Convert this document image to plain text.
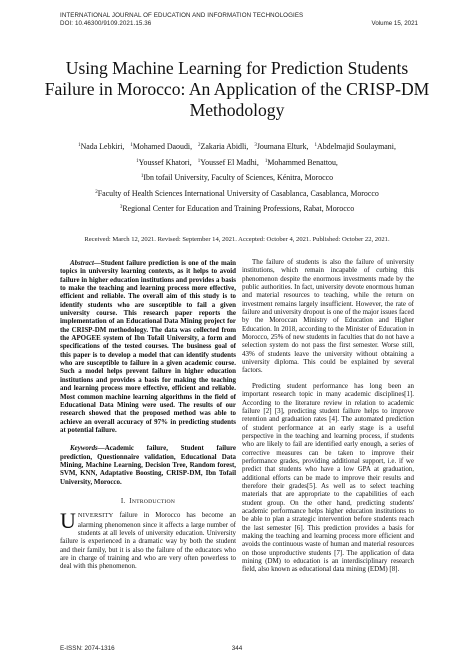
INTERNATIONAL JOURNAL OF EDUCATION AND INFORMATION TECHNOLOGIES
DOI: 10.46300/9109.2021.15.36	Volume 15, 2021
Using Machine Learning for Prediction Students Failure in Morocco: An Application of the CRISP-DM Methodology
$^1$Nada Lebkiri, $^1$Mohamed Daoudi, $^2$Zakaria Abidli, $^3$Joumana Elturk, $^1$Abdelmajid Soulaymani,
$^1$Youssef Khatori, $^1$Youssef El Madhi, $^1$Mohammed Benattou,
$^1$Ibn tofail University, Faculty of Sciences, Kénitra, Morocco
$^2$Faculty of Health Sciences International University of Casablanca, Casablanca, Morocco
$^3$Regional Center for Education and Training Professions, Rabat, Morocco
Received: March 12, 2021. Revised: September 14, 2021. Accepted: October 4, 2021. Published: October 22, 2021.

Abstract—Student failure prediction is one of the main topics in university learning contexts, as it helps to avoid failure in higher education institutions and provides a basis to make the teaching and learning process more effective, efficient and reliable. The overall aim of this study is to identify students who are susceptible to fail a given university course. This research paper reports the implementation of an Educational Data Mining project for the CRISP-DM methodology. The data was collected from the APOGEE system of Ibn Tofail University, a form and specifications of the tested courses. The business goal of this paper is to develop a model that can identify students who are susceptible to failure in a given academic course. Such a model helps prevent failure in higher education institutions and provides a basis for making the teaching and learning process more effective, efficient and reliable. Most common machine learning algorithms in the field of Educational Data Mining were used. The results of our research showed that the proposed method was able to achieve an overall accuracy of 97% in predicting students at potential failure.

Keywords—Academic failure, Student failure prediction, Questionnaire validation, Educational Data Mining, Machine Learning, Decision Tree, Random forest, SVM, KNN, Adaptative Boosting, CRISP-DM, Ibn Tofail University, Morocco.

I. INTRODUCTION

UNIVERSITY failure in Morocco has become an alarming phenomenon since it affects a large number of students at all levels of university education. University failure is experienced in a dramatic way by both the student and their family, but it is also the failure of the educators who are in charge of training and who are very often powerless to deal with this phenomenon.

The failure of students is also the failure of university institutions, which remain incapable of curbing this phenomenon despite the enormous investments made by the public authorities. In fact, university devote enormous human and material resources to teaching, while the return on investment remains largely insufficient. However, the rate of failure and university dropout is one of the major issues faced by the Moroccan Ministry of Education and Higher Education. In 2018, according to the Minister of Education in Morocco, 25% of new students in faculties that do not have a selection system do not pass the first semester. Worse still, 43% of students leave the university without obtaining a university diploma. This could be explained by several factors.

Predicting student performance has long been an important research topic in many academic disciplines[1]. According to the literature review in relation to academic failure [2] [3], predicting student failure helps to improve retention and graduation rates [4]. The automated prediction of student performance at an early stage is a useful perspective in the teaching and learning process, if students who are likely to fail are identified early enough, a series of corrective measures can be taken to improve their performance grades, providing additional support, i.e. if we predict that students who have a low GPA at graduation, additional efforts can be made to improve their results and therefore their grades[5]. As well as to select teaching materials that are appropriate to the capabilities of each student group. On the other hand, predicting students' academic performance helps higher education institutions to be able to plan a strategic intervention before students reach the last semester [6]. This prediction provides a basis for making the teaching and learning process more efficient and avoids the continuous waste of human and material resources on those unproductive students [7]. The application of data mining (DM) to education is an interdisciplinary research field, also known as educational data mining (EDM) [8].

E-ISSN: 2074-1316	344
